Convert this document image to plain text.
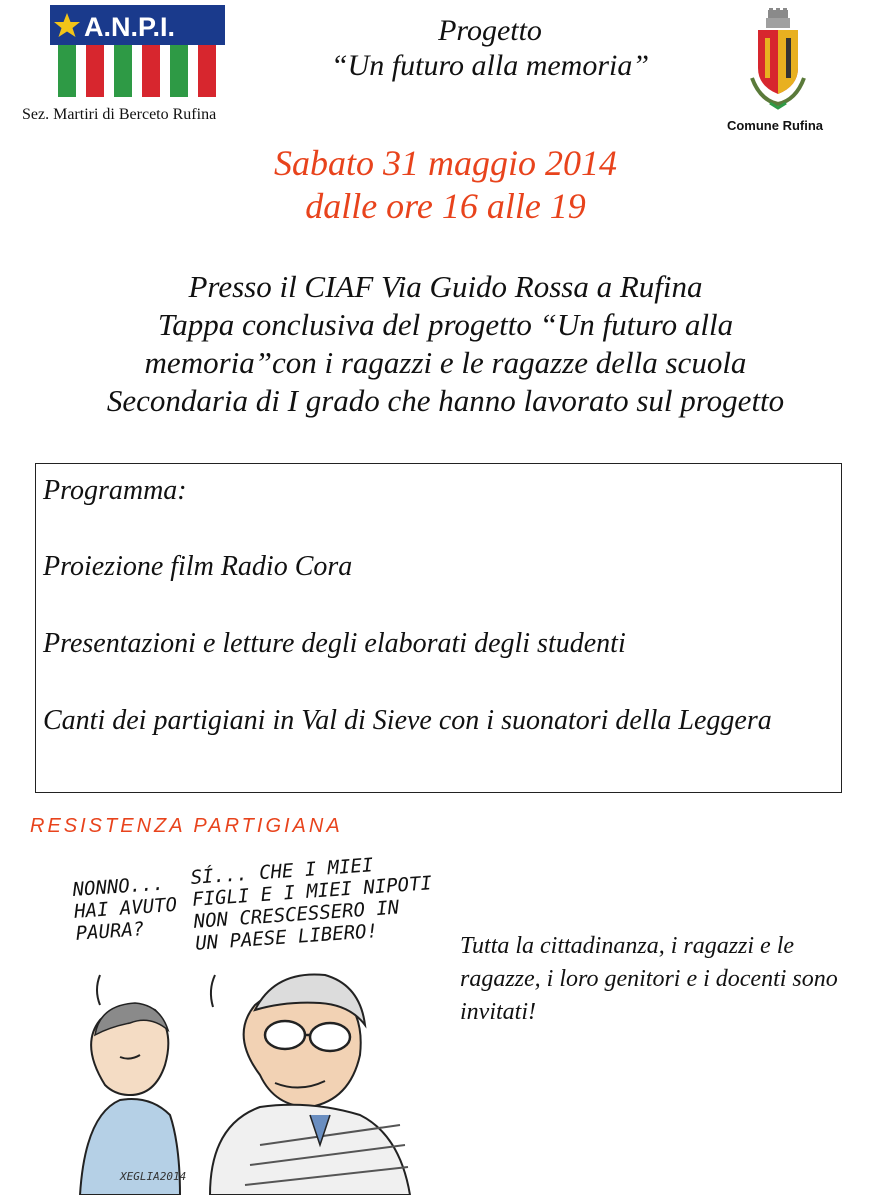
A.N.P.I.
Sez. Martiri di Berceto Rufina
Progetto
“Un futuro alla memoria”
Comune Rufina
Sabato 31 maggio 2014
dalle ore 16 alle 19
Presso il CIAF Via Guido Rossa a Rufina
Tappa conclusiva del progetto “Un futuro alla
memoria”con i ragazzi e le ragazze della scuola
Secondaria di I grado che hanno lavorato sul progetto

Programma:

Proiezione film Radio Cora

Presentazioni e letture degli elaborati degli studenti

Canti dei partigiani in Val di Sieve con i suonatori della Leggera

RESISTENZA PARTIGIANA
NONNO...
HAI AVUTO
PAURA?
SÍ... CHE I MIEI
FIGLI E I MIEI NIPOTI
NON CRESCESSERO IN
UN PAESE LIBERO!
XEGLIA2014
Tutta la cittadinanza, i ragazzi e le ragazze, i loro genitori e i docenti sono invitati!
